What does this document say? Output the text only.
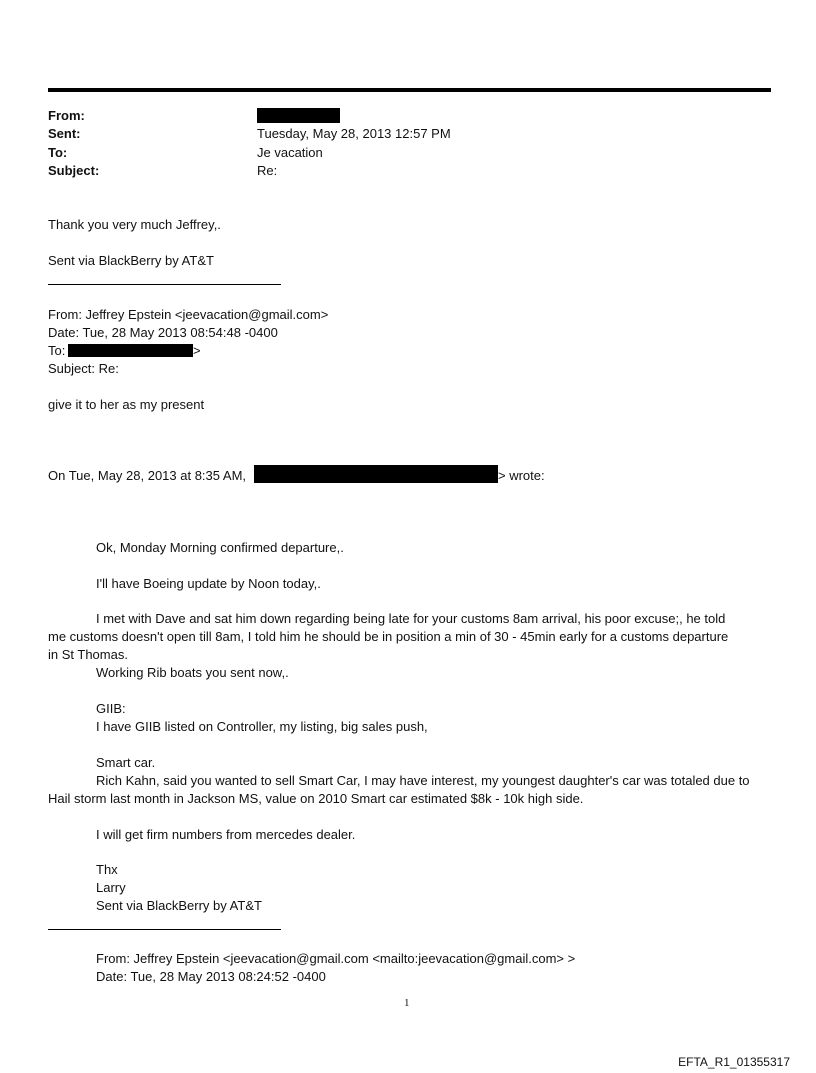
From:
Sent:	Tuesday, May 28, 2013 12:57 PM
To:	Je vacation
Subject:	Re:
Thank you very much Jeffrey,.
Sent via BlackBerry by AT&T
From: Jeffrey Epstein <jeevacation@gmail.com>
Date: Tue, 28 May 2013 08:54:48 -0400
To:	>
Subject: Re:
give it to her as my present
On Tue, May 28, 2013 at 8:35 AM,	> wrote:
Ok, Monday Morning confirmed departure,.
I'll have Boeing update by Noon today,.
I met with Dave and sat him down regarding being late for your customs 8am arrival, his poor excuse;, he told
me customs doesn't open till 8am, I told him he should be in position a min of 30 - 45min early for a customs departure
in St Thomas.
Working Rib boats you sent now,.
GIIB:
I have GIIB listed on Controller, my listing, big sales push,
Smart car.
Rich Kahn, said you wanted to sell Smart Car, I may have interest, my youngest daughter's car was totaled due to
Hail storm last month in Jackson MS, value on 2010 Smart car estimated $8k - 10k high side.
I will get firm numbers from mercedes dealer.
Thx
Larry
Sent via BlackBerry by AT&T
From: Jeffrey Epstein <jeevacation@gmail.com <mailto:jeevacation@gmail.com> >
Date: Tue, 28 May 2013 08:24:52 -0400
1
EFTA_R1_01355317
